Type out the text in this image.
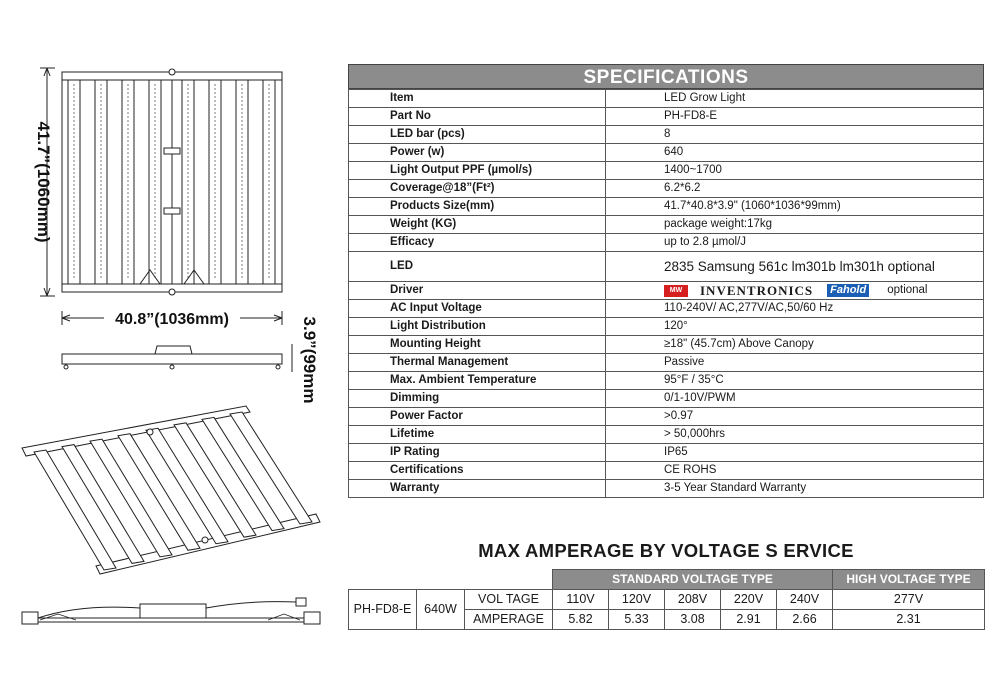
41.7”(1060mm)
40.8”(1036mm)	3.9”(99mm
SPECIFICATIONS
Item	LED Grow Light
Part No	PH-FD8-E
LED bar (pcs)	8
Power (w)	640
Light Output PPF (µmol/s)	1400~1700
Coverage@18”(Ft²)	6.2*6.2
Products Size(mm)	41.7*40.8*3.9" (1060*1036*99mm)
Weight (KG)	package weight:17kg
Efficacy	up to 2.8 µmol/J
LED	2835 Samsung 561c lm301b lm301h optional
Driver	MW INVENTRONICS Fahold optional

AC Input Voltage	110-240V/ AC,277V/AC,50/60 Hz
Light Distribution	120°
Mounting Height	≥18" (45.7cm) Above Canopy
Thermal Management	Passive
Max. Ambient Temperature	95°F / 35°C
Dimming	0/1-10V/PWM
Power Factor	>0.97
Lifetime	> 50,000hrs
IP Rating	IP65
Certifications	CE ROHS
Warranty	3-5 Year Standard Warranty
MAX AMPERAGE BY VOLTAGE S ERVICE
			STANDARD VOLTAGE TYPE					HIGH VOLTAGE TYPE
PH-FD8-E	640W	VOL TAGE	110V	120V	208V	220V	240V	277V
		AMPERAGE	5.82	5.33	3.08	2.91	2.66	2.31
